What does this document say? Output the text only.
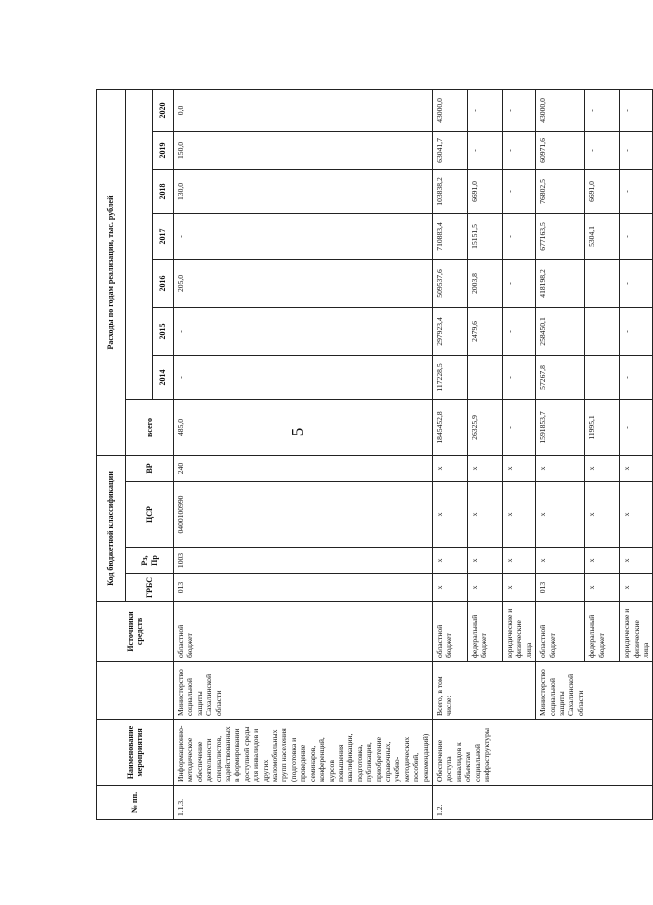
5
№ пп.	Наименование мероприятия		Источники средств	Код бюджетной классификации				Расходы по годам реализации, тыс. рублей							
				ГРБС	Рз, Пр	ЦСР	ВР	всего							
									2014	2015	2016	2017	2018	2019	2020
1.1.3.	Информационно-методическое обеспечение деятельности специалистов, задействованных в формировании доступной среды для инвалидов и других маломобильных групп населения (подготовка и проведение семинаров, конференций, курсов повышения квалификации, подготовка, публикация, приобретение справочных, учебно-методических пособий, рекомендаций)	Министерство социальной защиты Сахалинской области	областной бюджет	013	1003	0400100990	240	485,0	-	-	205,0	-	130,0	150,0	0,0
1.2.	Обеспечение доступа инвалидов к объектам социальной инфраструктуры	Всего, в том числе:	областной бюджет	х	х	х	х	1845452,8	117228,5	297923,4	509537,6	710883,4	103838,2	63041,7	43000,0
			федеральный бюджет	х	х	х	х	26325,9		2479,6	2003,8	15151,5	6691,0	-	-
			юридические и физические лица	х	х	х	х	-	-	-	-	-	-	-	-
		Министерство социальной защиты Сахалинской области	областной бюджет	013	х	х	х	1591853,7	57267,8	258450,1	418198,2	677163,5	76802,5	60971,6	43000,0
			федеральный бюджет	х	х	х	х	11995,1				5304,1	6691,0	-	-
			юридические и физические лица	х	х	х	х	-	-	-	-	-	-	-	-
